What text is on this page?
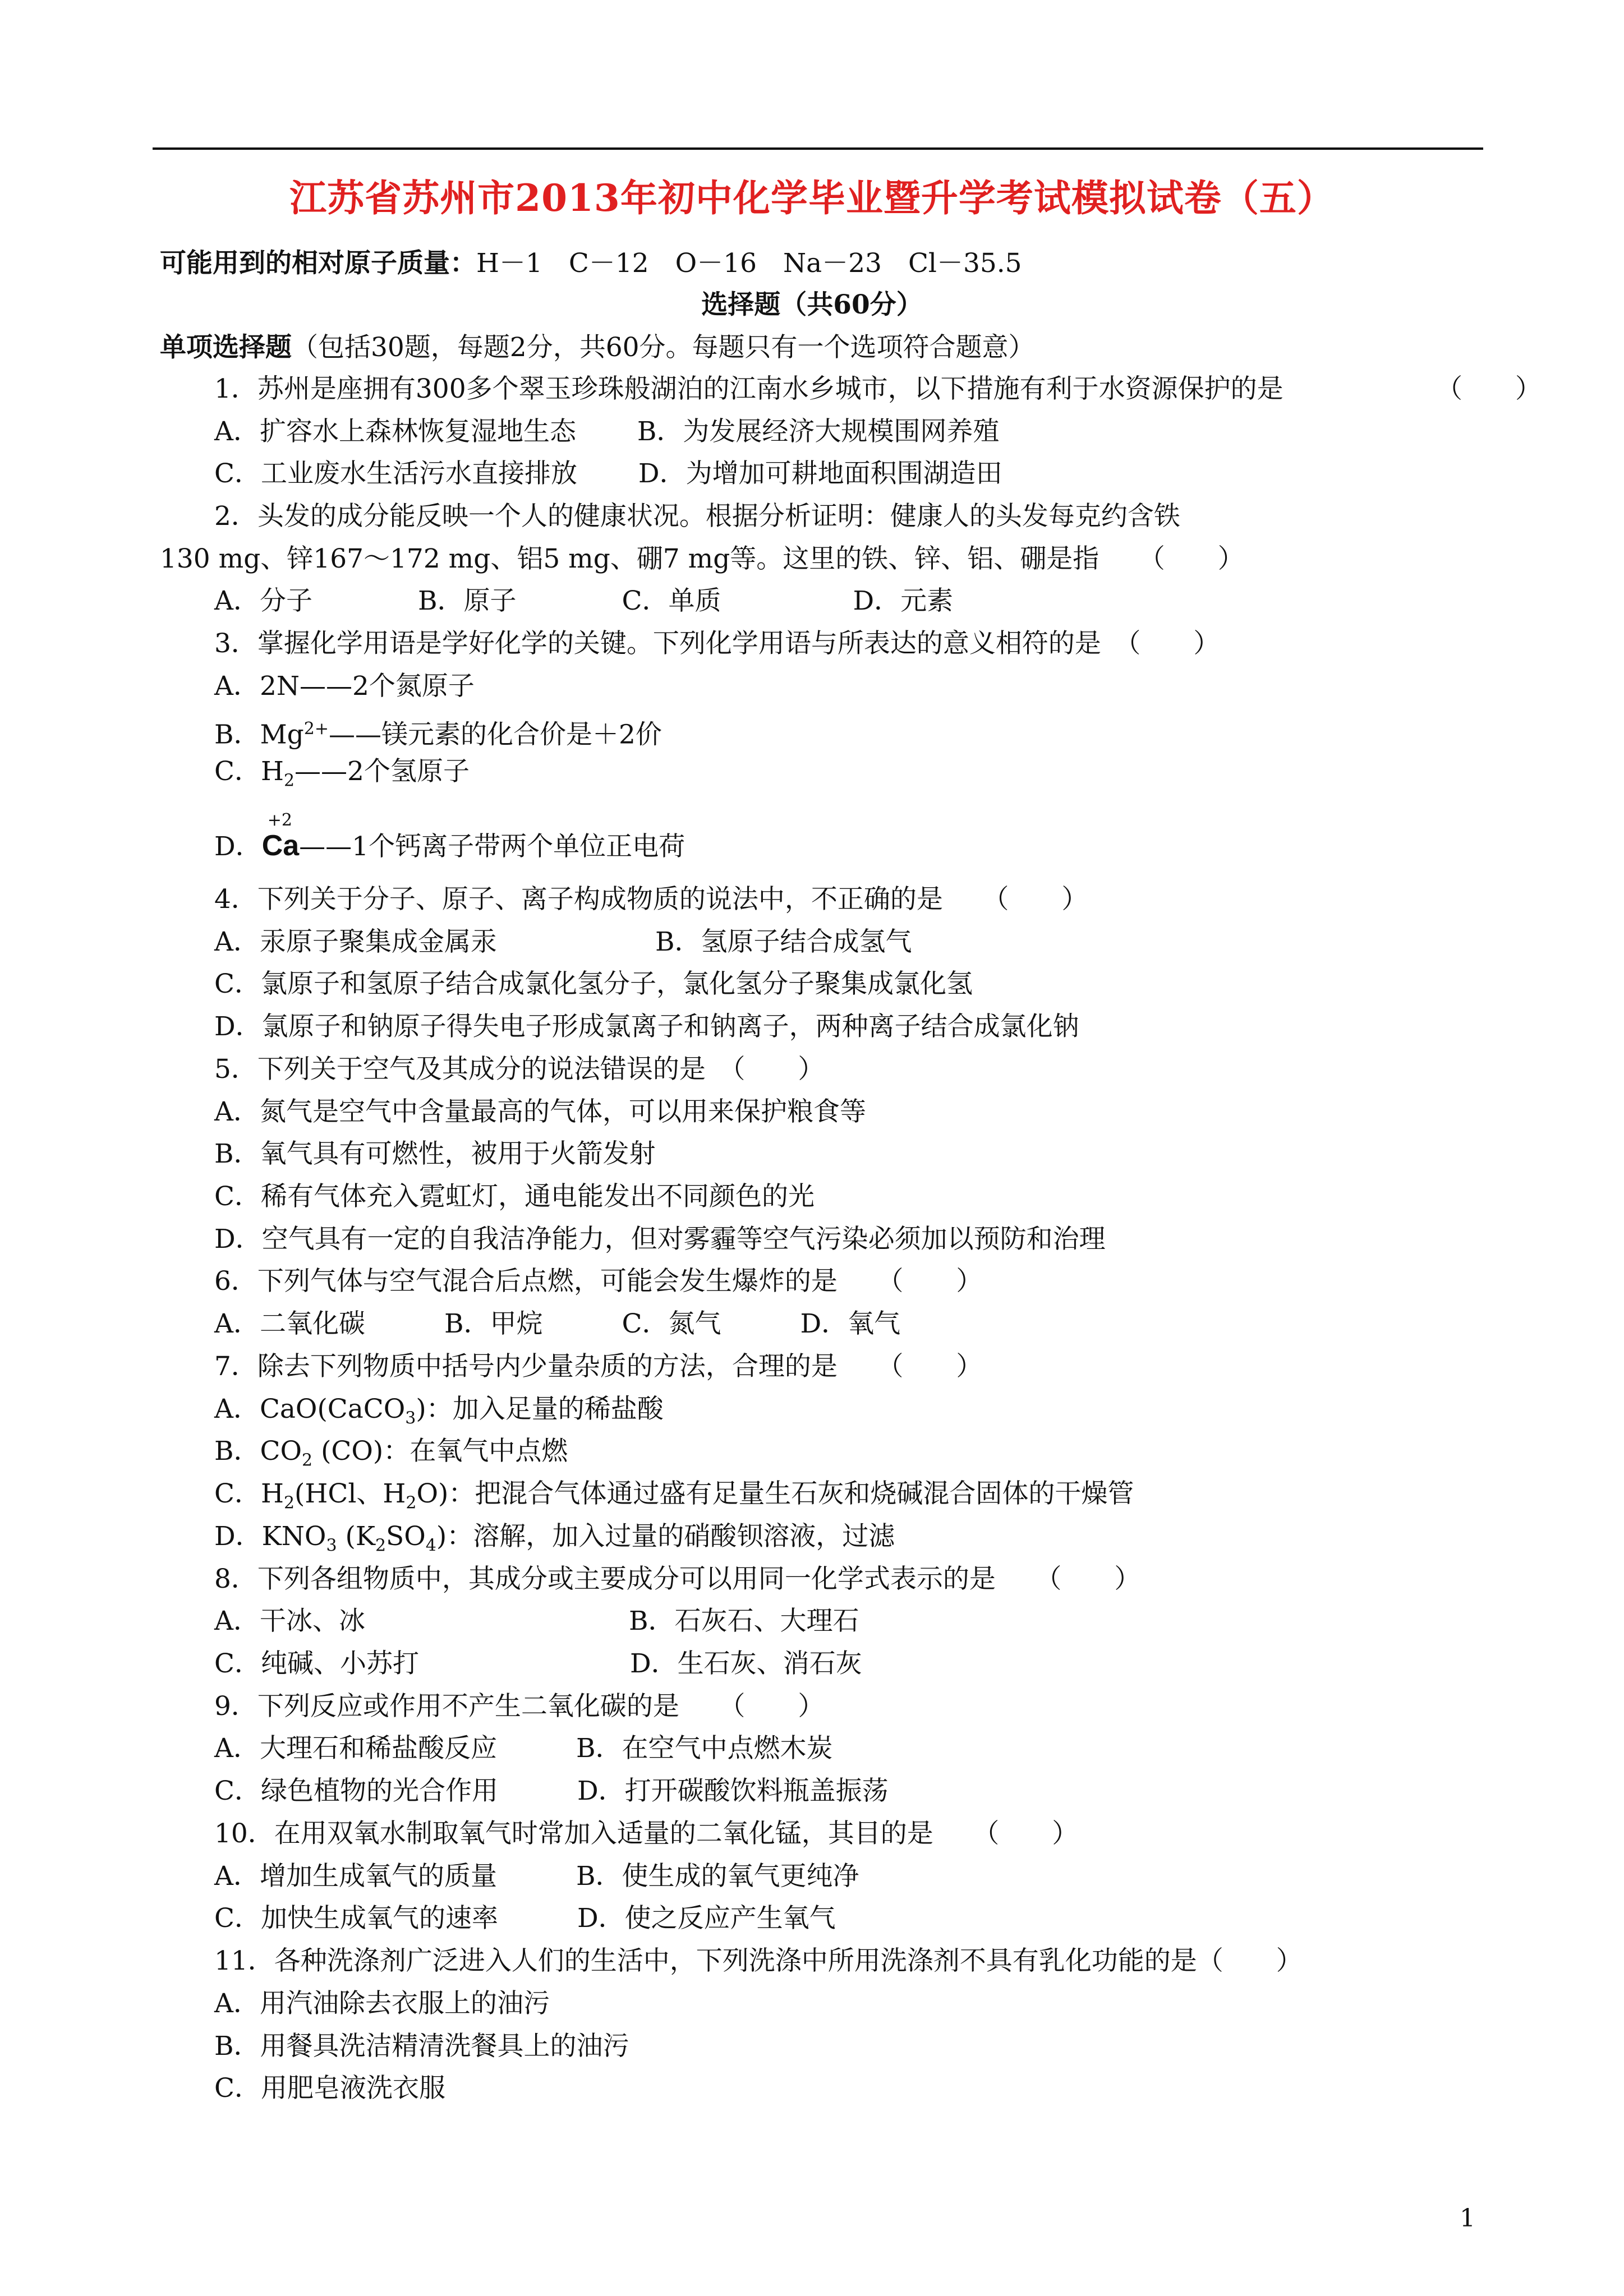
江苏省苏州市2013年初中化学毕业暨升学考试模拟试卷（五）
可能用到的相对原子质量：H－1　C－12　O－16　Na－23　Cl－35.5
选择题（共60分）
单项选择题（包括30题，每题2分，共60分。每题只有一个选项符合题意）
1．苏州是座拥有300多个翠玉珍珠般湖泊的江南水乡城市，以下措施有利于水资源保护的是	（　　）
A．扩容水上森林恢复湿地生态　　 B．为发展经济大规模围网养殖
C．工业废水生活污水直接排放　　 D．为增加可耕地面积围湖造田
2．头发的成分能反映一个人的健康状况。根据分析证明：健康人的头发每克约含铁
130 mg、锌167～172 mg、铝5 mg、硼7 mg等。这里的铁、锌、铝、硼是指　　（　　）
A．分子　　　　B．原子　　　　C．单质　　　　　D．元素
3．掌握化学用语是学好化学的关键。下列化学用语与所表达的意义相符的是　（　　）
A．2N——2个氮原子
B．$Mg^{2+}——$镁元素的化合价是＋2价
C．$H_2——2$个氢原子
D．
+2
Ca——1个钙离子带两个单位正电荷
4．下列关于分子、原子、离子构成物质的说法中，不正确的是　　（　　）
A．汞原子聚集成金属汞　　　　　　B．氢原子结合成氢气
C．氯原子和氢原子结合成氯化氢分子，氯化氢分子聚集成氯化氢
D．氯原子和钠原子得失电子形成氯离子和钠离子，两种离子结合成氯化钠
5．下列关于空气及其成分的说法错误的是　（　　）
A．氮气是空气中含量最高的气体，可以用来保护粮食等
B．氧气具有可燃性，被用于火箭发射
C．稀有气体充入霓虹灯，通电能发出不同颜色的光
D．空气具有一定的自我洁净能力，但对雾霾等空气污染必须加以预防和治理
6．下列气体与空气混合后点燃，可能会发生爆炸的是　　（　　）
A．二氧化碳　　　B．甲烷　　　C．氮气　　　D．氧气
7．除去下列物质中括号内少量杂质的方法，合理的是　　（　　）
A．CaO(CaCO$_3$)：加入足量的稀盐酸
B．$CO_2$ (CO)：在氧气中点燃
C．$H_2(HCl$、$H_2O$)：把混合气体通过盛有足量生石灰和烧碱混合固体的干燥管
D．$KNO_3$ $(K_2SO_4)$：溶解，加入过量的硝酸钡溶液，过滤
8．下列各组物质中，其成分或主要成分可以用同一化学式表示的是　　（　　）
A．干冰、冰　　　　　　　　　　B．石灰石、大理石
C．纯碱、小苏打　　　　　　　　D．生石灰、消石灰
9．下列反应或作用不产生二氧化碳的是　　（　　）
A．大理石和稀盐酸反应　　　B．在空气中点燃木炭
C．绿色植物的光合作用　　　D．打开碳酸饮料瓶盖振荡
10．在用双氧水制取氧气时常加入适量的二氧化锰，其目的是　　（　　）
A．增加生成氧气的质量　　　B．使生成的氧气更纯净
C．加快生成氧气的速率　　　D．使之反应产生氧气
11．各种洗涤剂广泛进入人们的生活中，下列洗涤中所用洗涤剂不具有乳化功能的是（　　）
A．用汽油除去衣服上的油污
B．用餐具洗洁精清洗餐具上的油污
C．用肥皂液洗衣服
1
